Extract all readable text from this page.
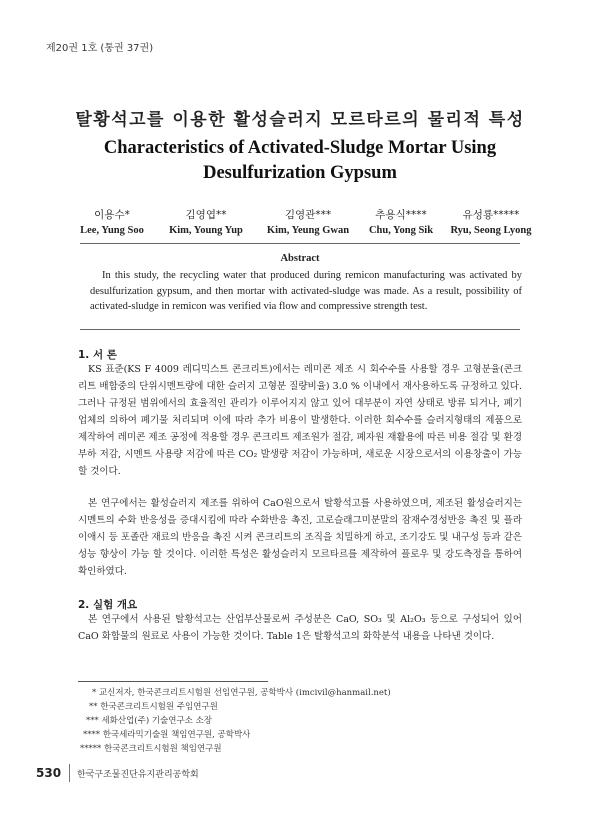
제20권 1호 (통권 37권)
탈황석고를 이용한 활성슬러지 모르타르의 물리적 특성
Characteristics of Activated-Sludge Mortar Using
Desulfurization Gypsum
이용수*
Lee, Yung Soo
김영엽**
Kim, Young Yup
김영관***
Kim, Yeung Gwan
추용식****
Chu, Yong Sik
유성룡*****
Ryu, Seong Lyong
Abstract

In this study, the recycling water that produced during remicon manufacturing was activated by desulfurization gypsum, and then mortar with activated-sludge was made. As a result, possibility of activated-sludge in remicon was verified via flow and compressive strength test.

1. 서 론

KS 표준(KS F 4009 레디믹스트 콘크리트)에서는 레미콘 제조 시 회수수를 사용할 경우 고형분율(콘크리트 배합중의 단위시멘트량에 대한 슬러지 고형분 질량비율) 3.0 % 이내에서 재사용하도록 규정하고 있다. 그러나 규정된 범위에서의 효율적인 관리가 이루어지지 않고 있어 대부분이 자연 상태로 방류 되거나, 폐기업체의 의하여 폐기물 처리되며 이에 따라 추가 비용이 발생한다. 이러한 회수수를 슬러지형태의 제품으로 제작하여 레미콘 제조 공정에 적용할 경우 콘크리트 제조원가 절감, 폐자원 재활용에 따른 비용 절감 및 환경부하 저감, 시멘트 사용량 저감에 따른 CO₂ 발생량 저감이 가능하며, 새로운 시장으로서의 이용창출이 가능 할 것이다.

본 연구에서는 활성슬러지 제조를 위하여 CaO원으로서 탈황석고를 사용하였으며, 제조된 활성슬러지는 시멘트의 수화 반응성을 증대시킴에 따라 수화반응 촉진, 고로슬래그미분말의 잠재수경성반응 촉진 및 플라이애시 등 포졸란 재료의 반응을 촉진 시켜 콘크리트의 조직을 치밀하게 하고, 조기강도 및 내구성 등과 같은 성능 향상이 가능 할 것이다. 이러한 특성은 활성슬러지 모르타르를 제작하여 플로우 및 강도측정을 통하여 확인하였다.

2. 실험 개요

본 연구에서 사용된 탈황석고는 산업부산물로써 주성분은 CaO, SO₃ 및 Al₂O₃ 등으로 구성되어 있어 CaO 화합물의 원료로 사용이 가능한 것이다. Table 1은 탈황석고의 화학분석 내용을 나타낸 것이다.

* 교신저자, 한국콘크리트시험원 선임연구원, 공학박사 (imcivil@hanmail.net)
** 한국콘크리트시험원 주임연구원
*** 세화산업(주) 기술연구소 소장
**** 한국세라믹기술원 책임연구원, 공학박사
***** 한국콘크리트시험원 책임연구원
530 한국구조물진단유지관리공학회
